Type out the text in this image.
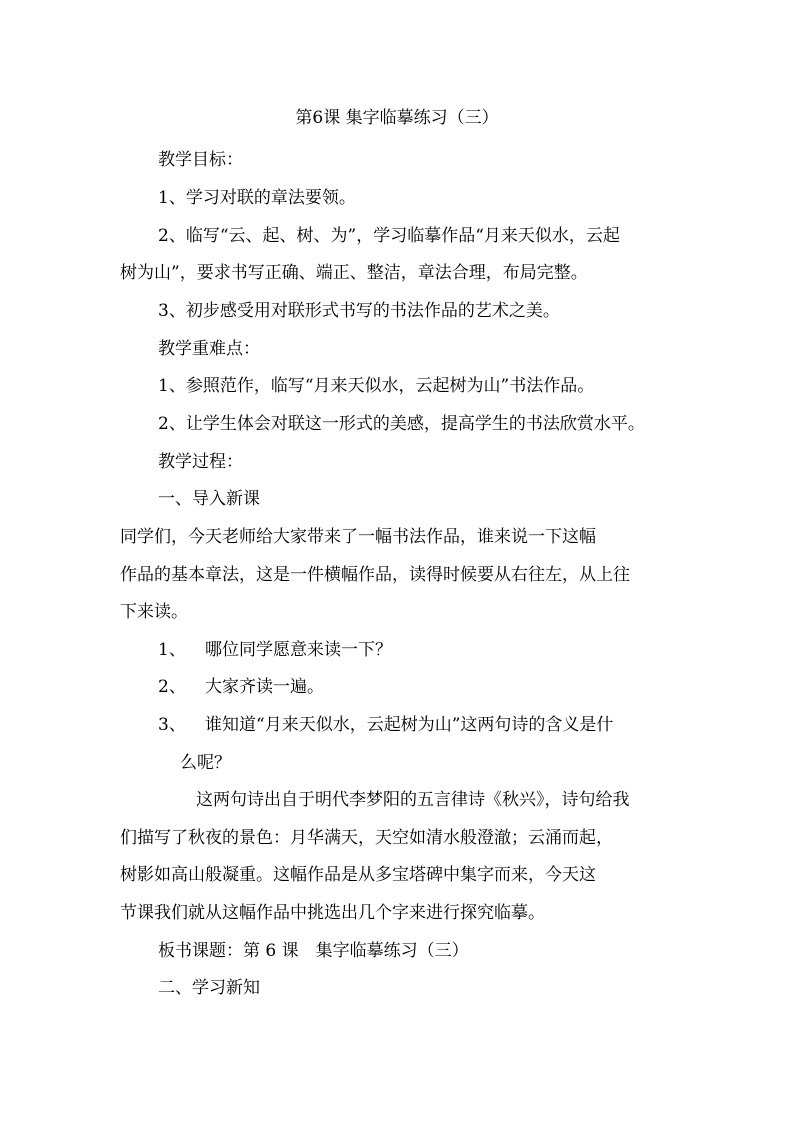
第6课 集字临摹练习（三）
教学目标：
1、学习对联的章法要领。
2、临写“云、起、树、为”，学习临摹作品“月来天似水，云起
树为山”，要求书写正确、端正、整洁，章法合理，布局完整。
3、初步感受用对联形式书写的书法作品的艺术之美。
教学重难点：
1、参照范作，临写“月来天似水，云起树为山”书法作品。
2、让学生体会对联这一形式的美感，提高学生的书法欣赏水平。
教学过程：
一、导入新课
同学们，今天老师给大家带来了一幅书法作品，谁来说一下这幅
作品的基本章法，这是一件横幅作品，读得时候要从右往左，从上往
下来读。
1、 哪位同学愿意来读一下？
2、 大家齐读一遍。
3、 谁知道“月来天似水，云起树为山”这两句诗的含义是什
么呢？
这两句诗出自于明代李梦阳的五言律诗《秋兴》，诗句给我
们描写了秋夜的景色：月华满天，天空如清水般澄澈；云涌而起，
树影如高山般凝重。这幅作品是从多宝塔碑中集字而来，今天这
节课我们就从这幅作品中挑选出几个字来进行探究临摹。
板书课题：第 6 课　集字临摹练习（三）
二、学习新知
